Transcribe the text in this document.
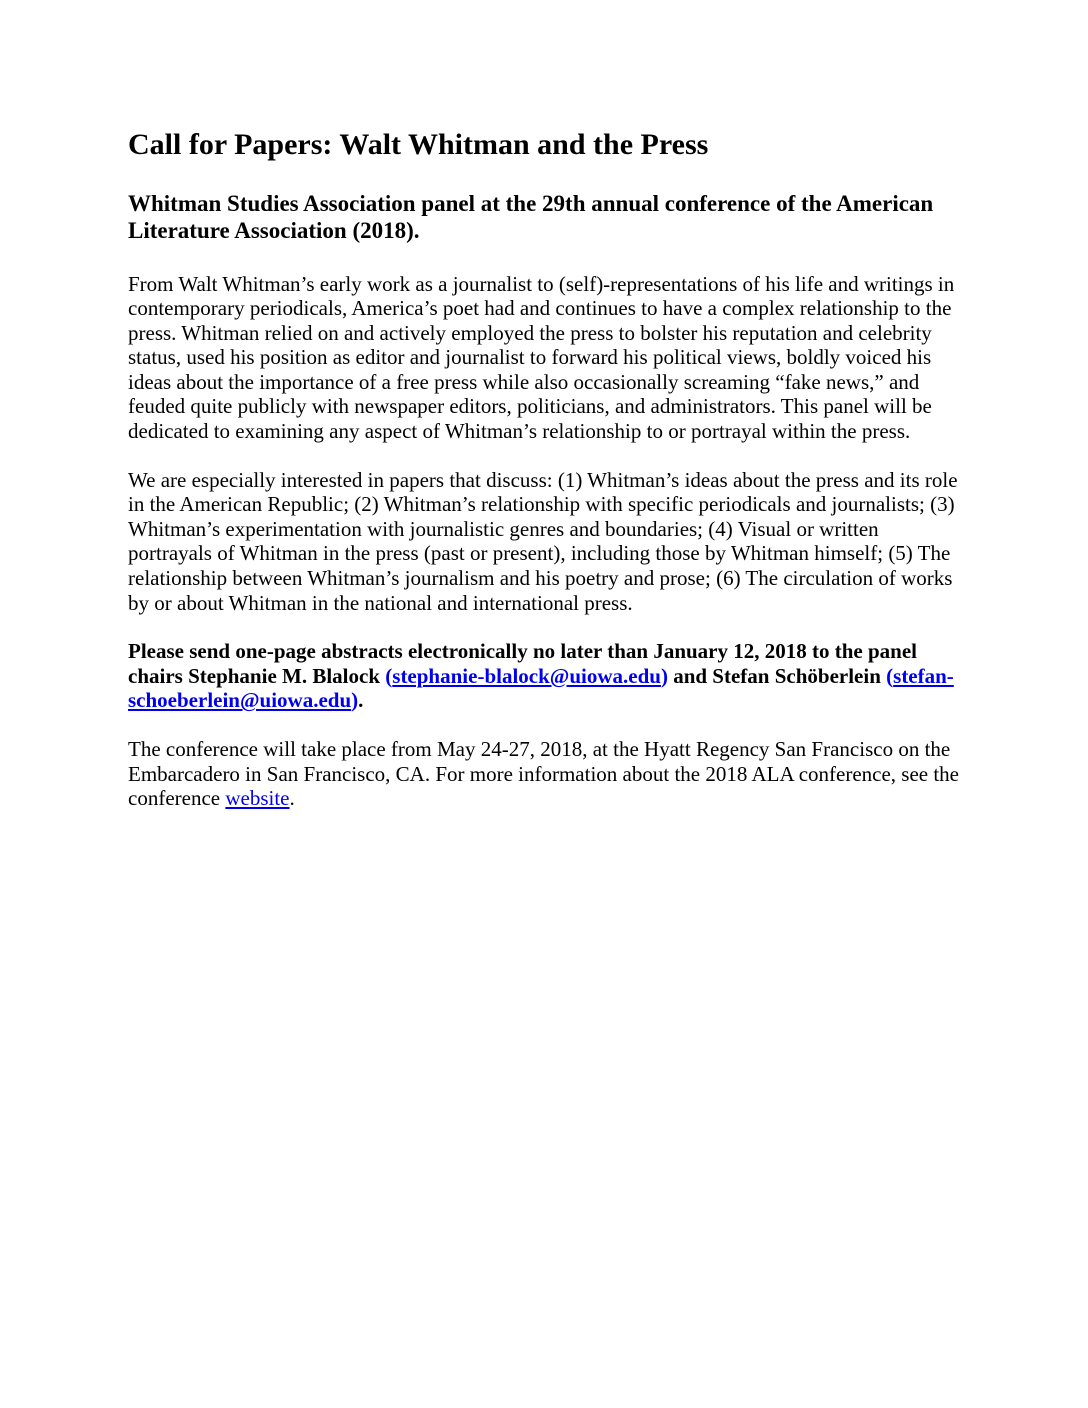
Call for Papers: Walt Whitman and the Press
Whitman Studies Association panel at the 29th annual conference of the American Literature Association (2018).

From Walt Whitman’s early work as a journalist to (self)-representations of his life and writings in contemporary periodicals, America’s poet had and continues to have a complex relationship to the press. Whitman relied on and actively employed the press to bolster his reputation and celebrity status, used his position as editor and journalist to forward his political views, boldly voiced his ideas about the importance of a free press while also occasionally screaming “fake news,” and feuded quite publicly with newspaper editors, politicians, and administrators. This panel will be dedicated to examining any aspect of Whitman’s relationship to or portrayal within the press.

We are especially interested in papers that discuss: (1) Whitman’s ideas about the press and its role in the American Republic; (2) Whitman’s relationship with specific periodicals and journalists; (3) Whitman’s experimentation with journalistic genres and boundaries; (4) Visual or written portrayals of Whitman in the press (past or present), including those by Whitman himself; (5) The relationship between Whitman’s journalism and his poetry and prose; (6) The circulation of works by or about Whitman in the national and international press.

Please send one-page abstracts electronically no later than January 12, 2018 to the panel chairs Stephanie M. Blalock (stephanie-blalock@uiowa.edu) and Stefan Schöberlein (stefan-schoeberlein@uiowa.edu).

The conference will take place from May 24-27, 2018, at the Hyatt Regency San Francisco on the Embarcadero in San Francisco, CA. For more information about the 2018 ALA conference, see the conference website.
